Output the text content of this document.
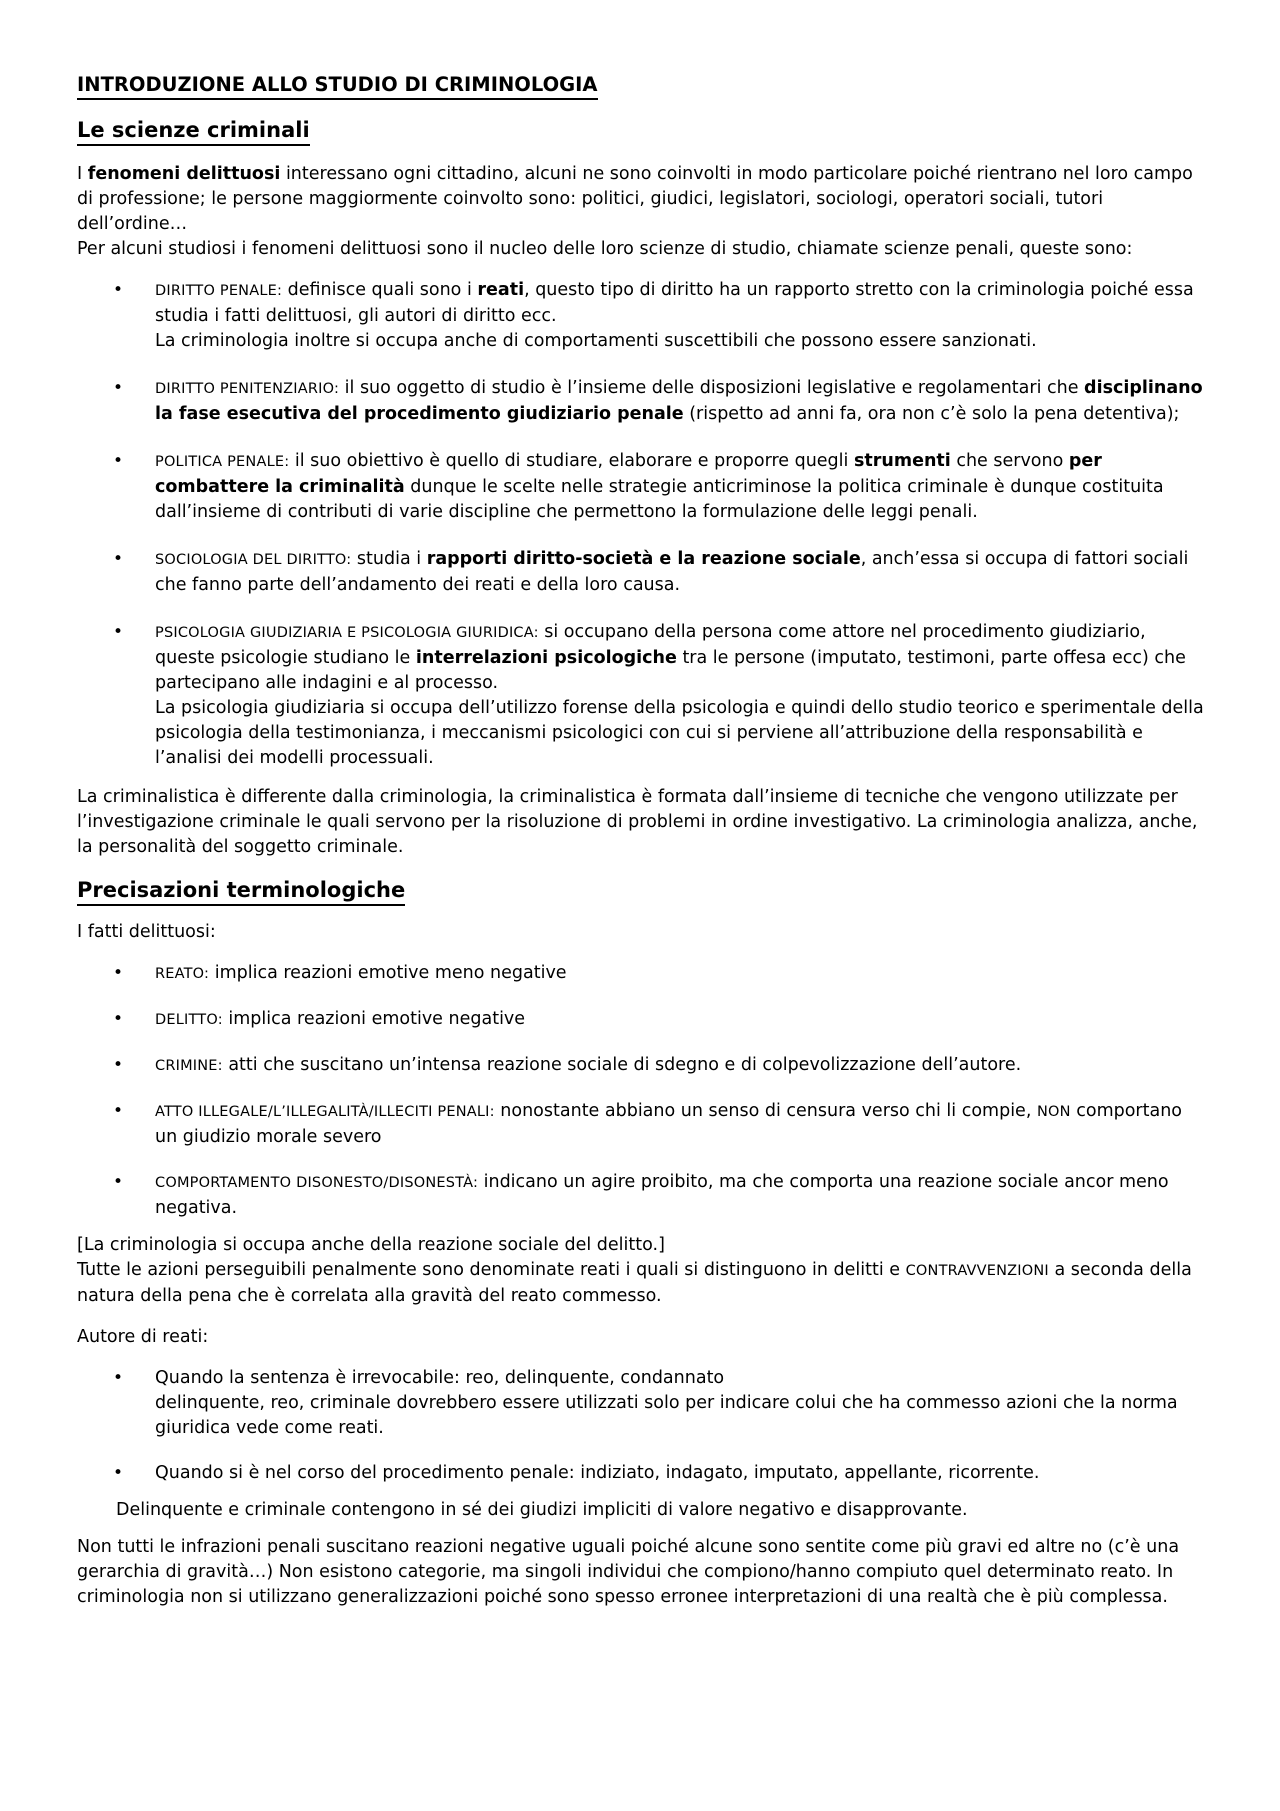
INTRODUZIONE ALLO STUDIO DI CRIMINOLOGIA
Le scienze criminali

I fenomeni delittuosi interessano ogni cittadino, alcuni ne sono coinvolti in modo particolare poiché rientrano nel loro campo di professione; le persone maggiormente coinvolto sono: politici, giudici, legislatori, sociologi, operatori sociali, tutori dell’ordine…

Per alcuni studiosi i fenomeni delittuosi sono il nucleo delle loro scienze di studio, chiamate scienze penali, queste sono:

• DIRITTO PENALE: definisce quali sono i reati, questo tipo di diritto ha un rapporto stretto con la criminologia poiché essa studia i fatti delittuosi, gli autori di diritto ecc.
La criminologia inoltre si occupa anche di comportamenti suscettibili che possono essere sanzionati.
• DIRITTO PENITENZIARIO: il suo oggetto di studio è l’insieme delle disposizioni legislative e regolamentari che disciplinano la fase esecutiva del procedimento giudiziario penale (rispetto ad anni fa, ora non c’è solo la pena detentiva);
• POLITICA PENALE: il suo obiettivo è quello di studiare, elaborare e proporre quegli strumenti che servono per combattere la criminalità dunque le scelte nelle strategie anticriminose la politica criminale è dunque costituita dall’insieme di contributi di varie discipline che permettono la formulazione delle leggi penali.
• SOCIOLOGIA DEL DIRITTO: studia i rapporti diritto-società e la reazione sociale, anch’essa si occupa di fattori sociali che fanno parte dell’andamento dei reati e della loro causa.
• PSICOLOGIA GIUDIZIARIA E PSICOLOGIA GIURIDICA: si occupano della persona come attore nel procedimento giudiziario, queste psicologie studiano le interrelazioni psicologiche tra le persone (imputato, testimoni, parte offesa ecc) che partecipano alle indagini e al processo.
La psicologia giudiziaria si occupa dell’utilizzo forense della psicologia e quindi dello studio teorico e sperimentale della psicologia della testimonianza, i meccanismi psicologici con cui si perviene all’attribuzione della responsabilità e l’analisi dei modelli processuali.

La criminalistica è differente dalla criminologia, la criminalistica è formata dall’insieme di tecniche che vengono utilizzate per l’investigazione criminale le quali servono per la risoluzione di problemi in ordine investigativo. La criminologia analizza, anche, la personalità del soggetto criminale.

Precisazioni terminologiche

I fatti delittuosi:

• REATO: implica reazioni emotive meno negative
• DELITTO: implica reazioni emotive negative
• CRIMINE: atti che suscitano un’intensa reazione sociale di sdegno e di colpevolizzazione dell’autore.
• ATTO ILLEGALE/L’ILLEGALITÀ/ILLECITI PENALI: nonostante abbiano un senso di censura verso chi li compie, NON comportano un giudizio morale severo
• COMPORTAMENTO DISONESTO/DISONESTÀ: indicano un agire proibito, ma che comporta una reazione sociale ancor meno negativa.

[La criminologia si occupa anche della reazione sociale del delitto.]

Tutte le azioni perseguibili penalmente sono denominate reati i quali si distinguono in delitti e CONTRAVVENZIONI a seconda della natura della pena che è correlata alla gravità del reato commesso.

Autore di reati:

• Quando la sentenza è irrevocabile: reo, delinquente, condannato
delinquente, reo, criminale dovrebbero essere utilizzati solo per indicare colui che ha commesso azioni che la norma giuridica vede come reati.
• Quando si è nel corso del procedimento penale: indiziato, indagato, imputato, appellante, ricorrente.

Delinquente e criminale contengono in sé dei giudizi impliciti di valore negativo e disapprovante.

Non tutti le infrazioni penali suscitano reazioni negative uguali poiché alcune sono sentite come più gravi ed altre no (c’è una gerarchia di gravità…) Non esistono categorie, ma singoli individui che compiono/hanno compiuto quel determinato reato. In criminologia non si utilizzano generalizzazioni poiché sono spesso erronee interpretazioni di una realtà che è più complessa.
